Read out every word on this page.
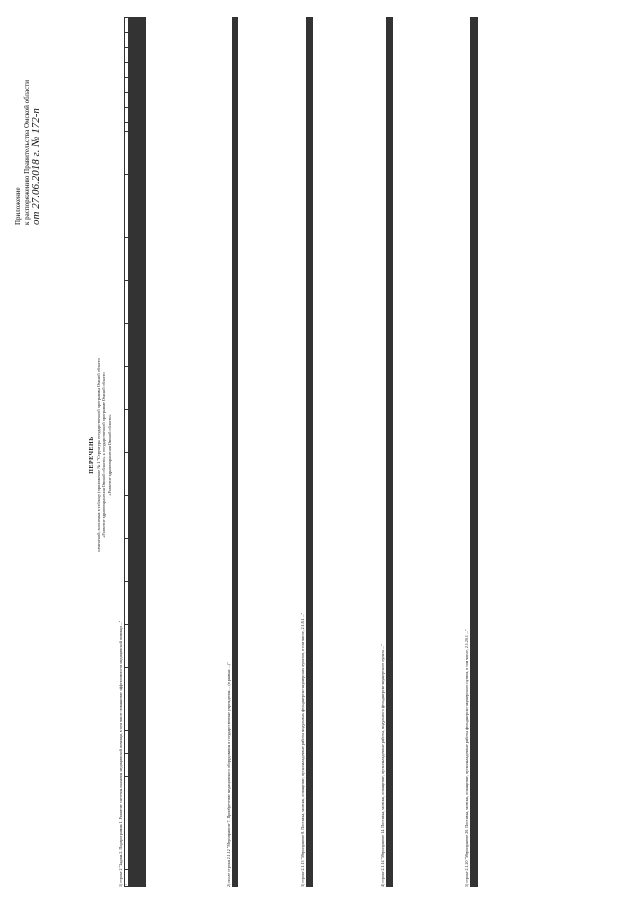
Приложение к распоряжению Правительства Омской области от 27.06.2018 г. № 172-п
ПЕРЕЧЕНЬ изменений, вносимых в таблицу (приложение № 1 "Структура государственной программы Омской области «Развитие здравоохранения Омской области» к государственной программе Омской области «Развитие здравоохранения Омской области»
1) строке 2 "Задача 2. Подпрограмма 1. Развитие системы оказания медицинской помощи, в том числе повышение эффективности медицинской помощи ..." 1																								

																									2) после строки 2.1.12 "Мероприятие 7. Приобретение медицинского оборудования в государственные учреждения ... (в рамках ...)"

																		3) строке 2.1.13 "Мероприятие 8. Поставка, монтаж, оснащение, пусконаладочные работы модульных фельдшерско-акушерских пунктов, в том числе, 2.1.8.1 ..."

																		4) строке 2.1.14 "Мероприятие 14. Поставка, монтаж, оснащение, пусконаладочные работы, модульного фельдшерско-акушерского пункта ..."

																		5) строке 2.1.20 "Мероприятие 20. Поставка, монтаж, оснащение, пусконаладочные работы фельдшерско-акушерского пункта, в том числе, 2.1.20.1 ..."
